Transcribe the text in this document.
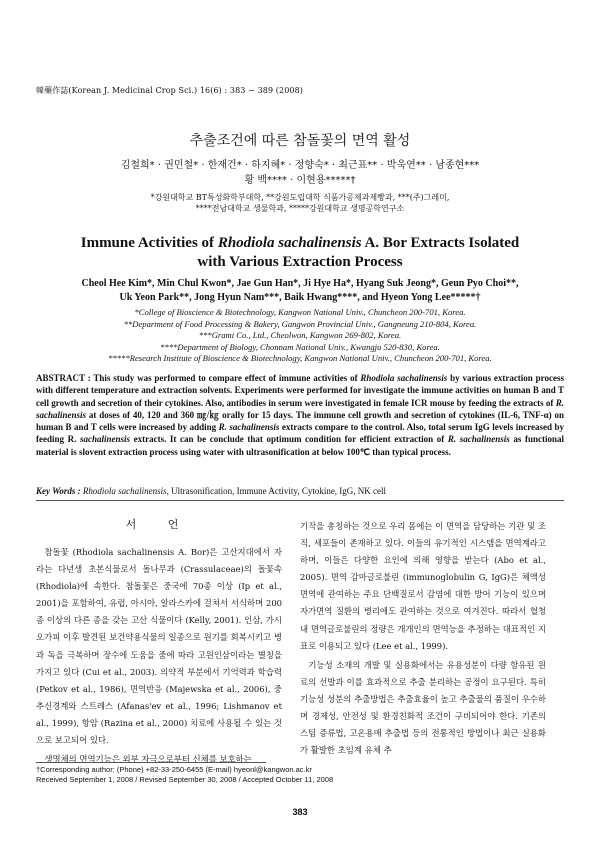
韓藥作誌(Korean J. Medicinal Crop Sci.) 16(6) : 383 ~ 389 (2008)
추출조건에 따른 참돌꽃의 면역 활성
김철희* · 권민철* · 한재건* · 하지혜* · 정향숙* · 최근표** · 박욱연** · 남종현***
황 백**** · 이현용*****†
*강원대학교 BT특성화학부대학, **강원도립대학 식품가공제과제빵과, ***(주)그레미,
****전남대학교 생물학과, *****강원대학교 생명공학연구소
Immune Activities of Rhodiola sachalinensis A. Bor Extracts Isolated
with Various Extraction Process
Cheol Hee Kim*, Min Chul Kwon*, Jae Gun Han*, Ji Hye Ha*, Hyang Suk Jeong*, Geun Pyo Choi**,
Uk Yeon Park**, Jong Hyun Nam***, Baik Hwang****, and Hyeon Yong Lee*****†
*College of Bioscience & Biotechnology, Kangwon National Univ., Chuncheon 200-701, Korea.
**Department of Food Processing & Bakery, Gangwon Provincial Univ., Gangneung 210-804, Korea.
***Grami Co., Ltd., Cheolwon, Kangwon 269-802, Korea.
****Department of Biology, Chonnam National Univ., Kwangju 520-830, Korea.
*****Research Institute of Bioscience & Biotechnology, Kangwon National Univ., Chuncheon 200-701, Korea.
ABSTRACT : This study was performed to compare effect of immune activities of Rhodiola sachalinensis by various extraction process with different temperature and extraction solvents. Experiments were performed for investigate the immune activities on human B and T cell growth and secretion of their cytokines. Also, antibodies in serum were investigated in female ICR mouse by feeding the extracts of R. sachalinensis at doses of 40, 120 and 360 ㎎/㎏ orally for 15 days. The immune cell growth and secretion of cytokines (IL-6, TNF-α) on human B and T cells were increased by adding R. sachalinensis extracts compare to the control. Also, total serum IgG levels increased by feeding R. sachalinensis extracts. It can be conclude that optimum condition for efficient extraction of R. sachalinensis as functional material is slovent extraction process using water with ultrasonification at below 100℃ than typical process.
Key Words : Rhodiola sachalinensis, Ultrasonification, Immune Activity, Cytokine, IgG, NK cell
서 언

참돌꽃 (Rhodiola sachalinensis A. Bor)은 고산지대에서 자라는 다년생 초본식물로서 돌나무과 (Crassulaceae)의 돌꽃속 (Rhodiola)에 속한다. 참돌꽃은 중국에 70종 이상 (Ip et al., 2001)을 포함하여, 유럽, 아시아, 알라스카에 걸쳐서 서식하며 200종 이상의 다른 종을 갖는 고산 식물이다 (Kelly, 2001). 인삼, 가시오가피 이후 발견된 보건약용식물의 일종으로 원기를 회복시키고 병과 독을 극복하며 장수에 도움을 줌에 따라 고원인삼이라는 별칭을 가지고 있다 (Cui et al., 2003). 의약적 부분에서 기억력과 학습력 (Petkov et al., 1986), 면역반응 (Majewska et al., 2006), 중추신경계와 스트레스 (Afanas'ev et al., 1996; Lishmanov et al., 1999), 항암 (Razina et al., 2000) 치료에 사용될 수 있는 것으로 보고되어 있다.

생명체의 면역기능은 외부 자극으로부터 신체를 보호하는

기작을 총칭하는 것으로 우리 몸에는 이 면역을 담당하는 기관 및 조직, 세포들이 존재하고 있다. 이들의 유기적인 시스템을 면역계라고 하며, 이들은 다양한 요인에 의해 영향을 받는다 (Abo et al., 2005). 면역 감마글로불린 (immunoglobulin G, IgG)은 체액성 면역에 관여하는 주요 단백질로서 감염에 대한 방어 기능이 있으며 자가면역 질환의 병리에도 관여하는 것으로 여겨진다. 따라서 혈청 내 면역글로불린의 정량은 개개인의 면역능을 추정하는 대표적인 지표로 이용되고 있다 (Lee et al., 1999).

기능성 소재의 개발 및 실용화에서는 유용성분이 다량 함유된 원료의 선발과 이를 효과적으로 추출 분리하는 공정이 요구된다. 특히 기능성 성분의 추출방법은 추출효율이 높고 추출물의 품질이 우수하며 경제성, 안전성 및 환경친화적 조건이 구비되어야 한다. 기존의 스팀 증류법, 고온용매 추출법 등의 전통적인 방법이나 최근 실용화가 활발한 초임계 유체 추

†Corresponding author: (Phone) +82-33-250-6455 (E-mail) hyeonl@kangwon.ac.kr
Received September 1, 2008 / Revised September 30, 2008 / Accepted October 11, 2008
383
